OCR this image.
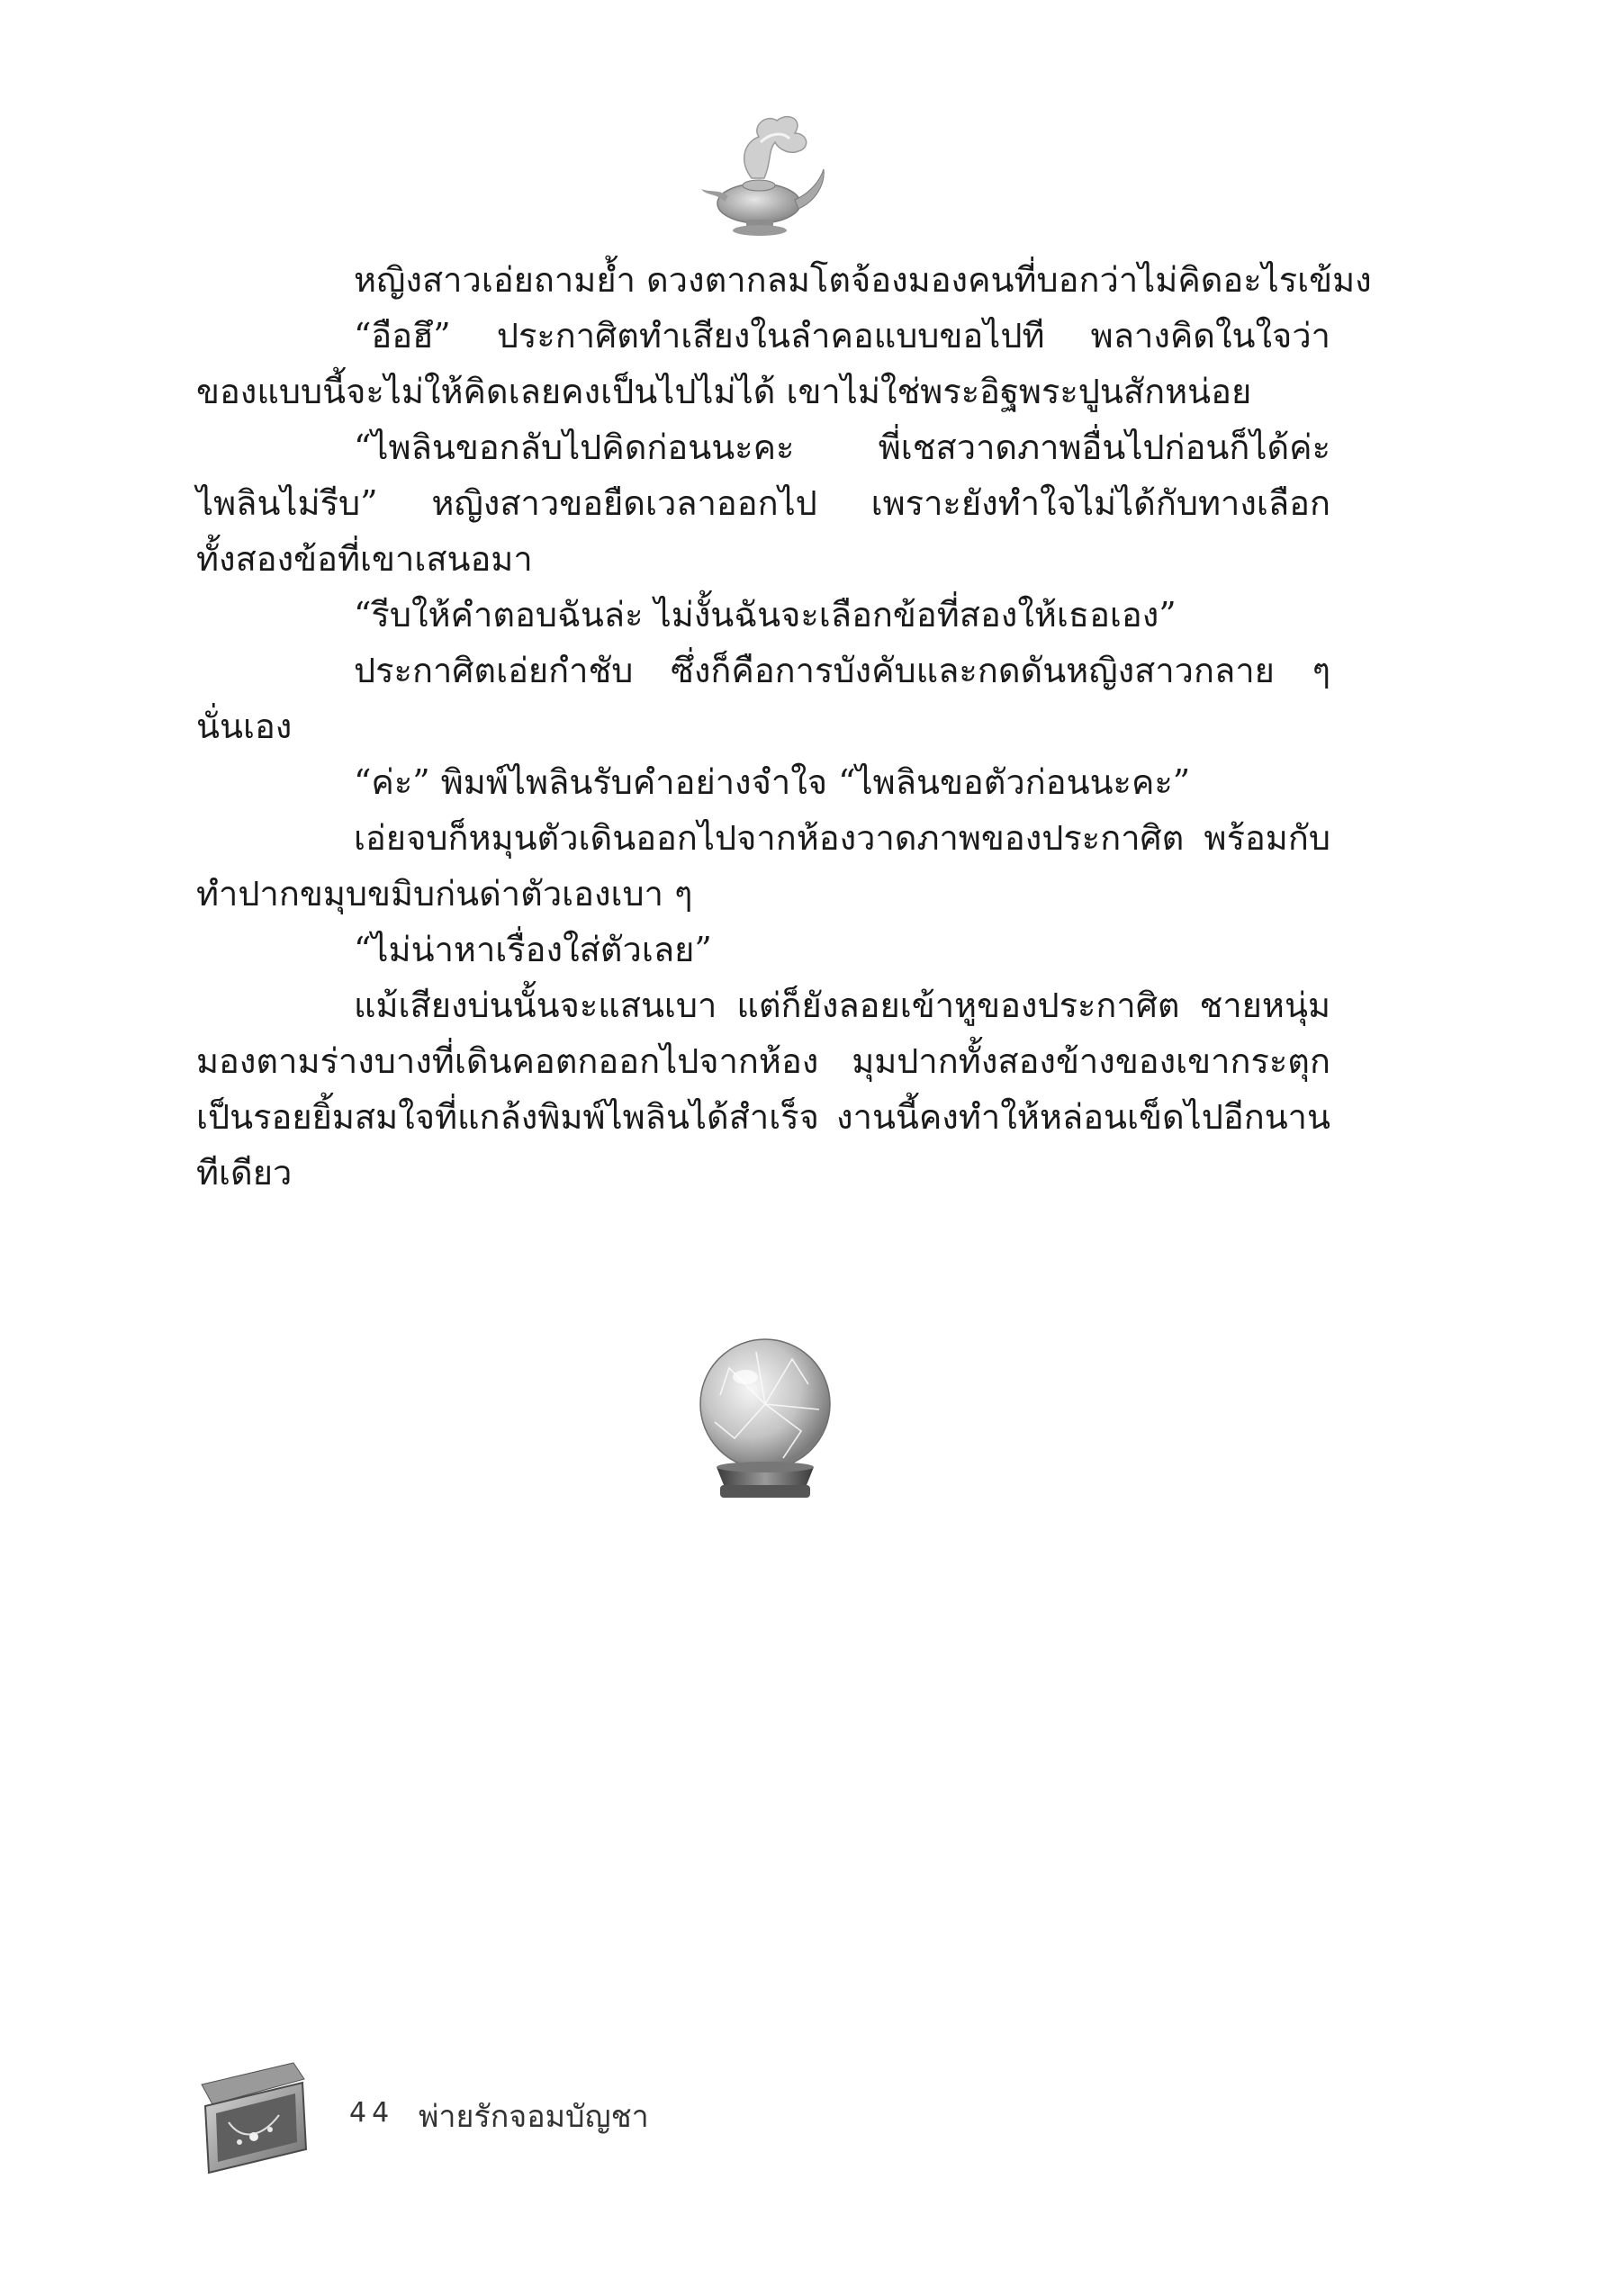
หญิงสาวเอ่ยถามย้ำ ดวงตากลมโตจ้องมองคนที่บอกว่าไม่คิดอะไรเข้มง
“อือฮึ” ประกาศิตทำเสียงในลำคอแบบขอไปที พลางคิดในใจว่า
ของแบบนี้จะไม่ให้คิดเลยคงเป็นไปไม่ได้ เขาไม่ใช่พระอิฐพระปูนสักหน่อย
“ไพลินขอกลับไปคิดก่อนนะคะ พี่เชสวาดภาพอื่นไปก่อนก็ได้ค่ะ
ไพลินไม่รีบ” หญิงสาวขอยืดเวลาออกไป เพราะยังทำใจไม่ได้กับทางเลือก
ทั้งสองข้อที่เขาเสนอมา
“รีบให้คำตอบฉันล่ะ ไม่งั้นฉันจะเลือกข้อที่สองให้เธอเอง”
ประกาศิตเอ่ยกำชับ ซึ่งก็คือการบังคับและกดดันหญิงสาวกลาย ๆ
นั่นเอง
“ค่ะ” พิมพ์ไพลินรับคำอย่างจำใจ “ไพลินขอตัวก่อนนะคะ”
เอ่ยจบก็หมุนตัวเดินออกไปจากห้องวาดภาพของประกาศิต พร้อมกับ
ทำปากขมุบขมิบก่นด่าตัวเองเบา ๆ
“ไม่น่าหาเรื่องใส่ตัวเลย”
แม้เสียงบ่นนั้นจะแสนเบา แต่ก็ยังลอยเข้าหูของประกาศิต ชายหนุ่ม
มองตามร่างบางที่เดินคอตกออกไปจากห้อง มุมปากทั้งสองข้างของเขากระตุก
เป็นรอยยิ้มสมใจที่แกล้งพิมพ์ไพลินได้สำเร็จ งานนี้คงทำให้หล่อนเข็ดไปอีกนาน
ทีเดียว
44 พ่ายรักจอมบัญชา
